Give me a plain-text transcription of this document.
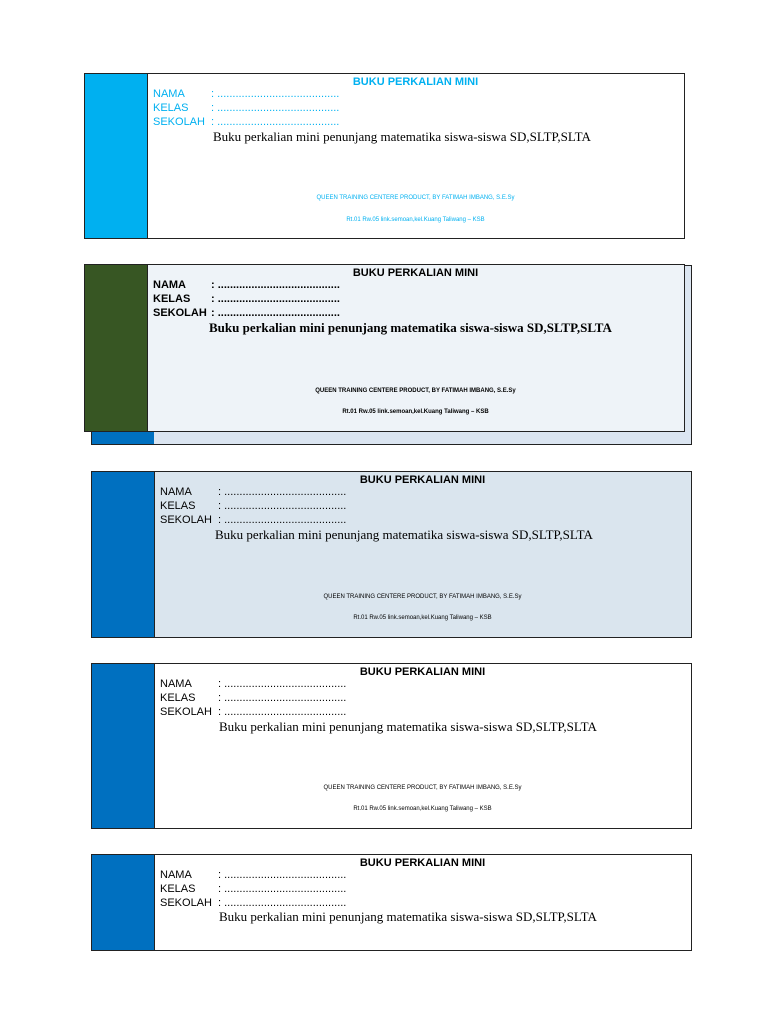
BUKU PERKALIAN MINI
NAMA : ........................................
KELAS : ........................................
SEKOLAH : ........................................
Buku perkalian mini penunjang matematika siswa-siswa SD,SLTP,SLTA
QUEEN TRAINING CENTERE PRODUCT, BY FATIMAH IMBANG, S.E.Sy
Rt.01 Rw.05 link.semoan,kel.Kuang Taliwang – KSB
BUKU PERKALIAN MINI
NAMA : ........................................
KELAS : ........................................
SEKOLAH : ........................................
Buku perkalian mini penunjang matematika siswa-siswa SD,SLTP,SLTA
QUEEN TRAINING CENTERE PRODUCT, BY FATIMAH IMBANG, S.E.Sy
Rt.01 Rw.05 link.semoan,kel.Kuang Taliwang – KSB
BUKU PERKALIAN MINI
NAMA : ........................................
KELAS : ........................................
SEKOLAH : ........................................
Buku perkalian mini penunjang matematika siswa-siswa SD,SLTP,SLTA
QUEEN TRAINING CENTERE PRODUCT, BY FATIMAH IMBANG, S.E.Sy
Rt.01 Rw.05 link.semoan,kel.Kuang Taliwang – KSB
BUKU PERKALIAN MINI
NAMA : ........................................
KELAS : ........................................
SEKOLAH : ........................................
Buku perkalian mini penunjang matematika siswa-siswa SD,SLTP,SLTA
QUEEN TRAINING CENTERE PRODUCT, BY FATIMAH IMBANG, S.E.Sy
Rt.01 Rw.05 link.semoan,kel.Kuang Taliwang – KSB
BUKU PERKALIAN MINI
NAMA : ........................................
KELAS : ........................................
SEKOLAH : ........................................
Buku perkalian mini penunjang matematika siswa-siswa SD,SLTP,SLTA
